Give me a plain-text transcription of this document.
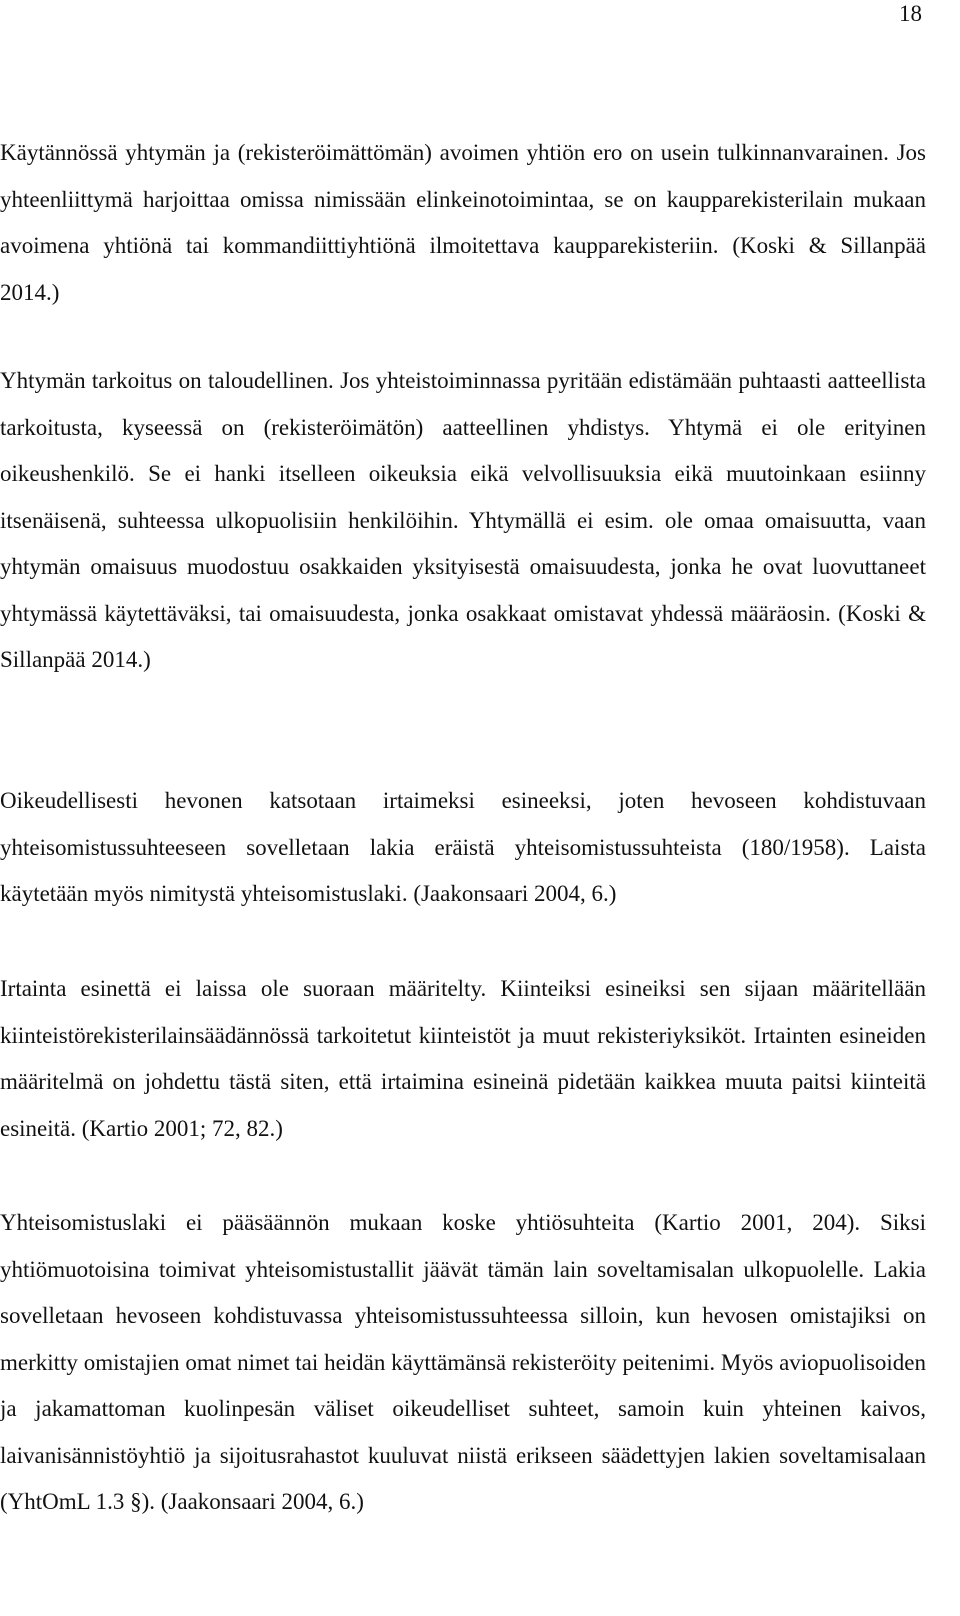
18

Käytännössä yhtymän ja (rekisteröimättömän) avoimen yhtiön ero on usein tulkinnanvarainen. Jos yhteenliittymä harjoittaa omissa nimissään elinkeinotoimintaa, se on kaupparekisterilain mukaan avoimena yhtiönä tai kommandiittiyhtiönä ilmoitettava kaupparekisteriin. (Koski & Sillanpää 2014.)

Yhtymän tarkoitus on taloudellinen. Jos yhteistoiminnassa pyritään edistämään puhtaasti aatteellista tarkoitusta, kyseessä on (rekisteröimätön) aatteellinen yhdistys. Yhtymä ei ole erityinen oikeushenkilö. Se ei hanki itselleen oikeuksia eikä velvollisuuksia eikä muutoinkaan esiinny itsenäisenä, suhteessa ulkopuolisiin henkilöihin. Yhtymällä ei esim. ole omaa omaisuutta, vaan yhtymän omaisuus muodostuu osakkaiden yksityisestä omaisuudesta, jonka he ovat luovuttaneet yhtymässä käytettäväksi, tai omaisuudesta, jonka osakkaat omistavat yhdessä määräosin. (Koski & Sillanpää 2014.)

Oikeudellisesti hevonen katsotaan irtaimeksi esineeksi, joten hevoseen kohdistuvaan yhteisomistussuhteeseen sovelletaan lakia eräistä yhteisomistussuhteista (180/1958). Laista käytetään myös nimitystä yhteisomistuslaki. (Jaakonsaari 2004, 6.)

Irtainta esinettä ei laissa ole suoraan määritelty. Kiinteiksi esineiksi sen sijaan määritellään kiinteistörekisterilainsäädännössä tarkoitetut kiinteistöt ja muut rekisteriyksiköt. Irtainten esineiden määritelmä on johdettu tästä siten, että irtaimina esineinä pidetään kaikkea muuta paitsi kiinteitä esineitä. (Kartio 2001; 72, 82.)

Yhteisomistuslaki ei pääsäännön mukaan koske yhtiösuhteita (Kartio 2001, 204). Siksi yhtiömuotoisina toimivat yhteisomistustallit jäävät tämän lain soveltamisalan ulkopuolelle. Lakia sovelletaan hevoseen kohdistuvassa yhteisomistussuhteessa silloin, kun hevosen omistajiksi on merkitty omistajien omat nimet tai heidän käyttämänsä rekisteröity peitenimi. Myös aviopuolisoiden ja jakamattoman kuolinpesän väliset oikeudelliset suhteet, samoin kuin yhteinen kaivos, laivanisännistöyhtiö ja sijoitusrahastot kuuluvat niistä erikseen säädettyjen lakien soveltamisalaan (YhtOmL 1.3 §). (Jaakonsaari 2004, 6.)
